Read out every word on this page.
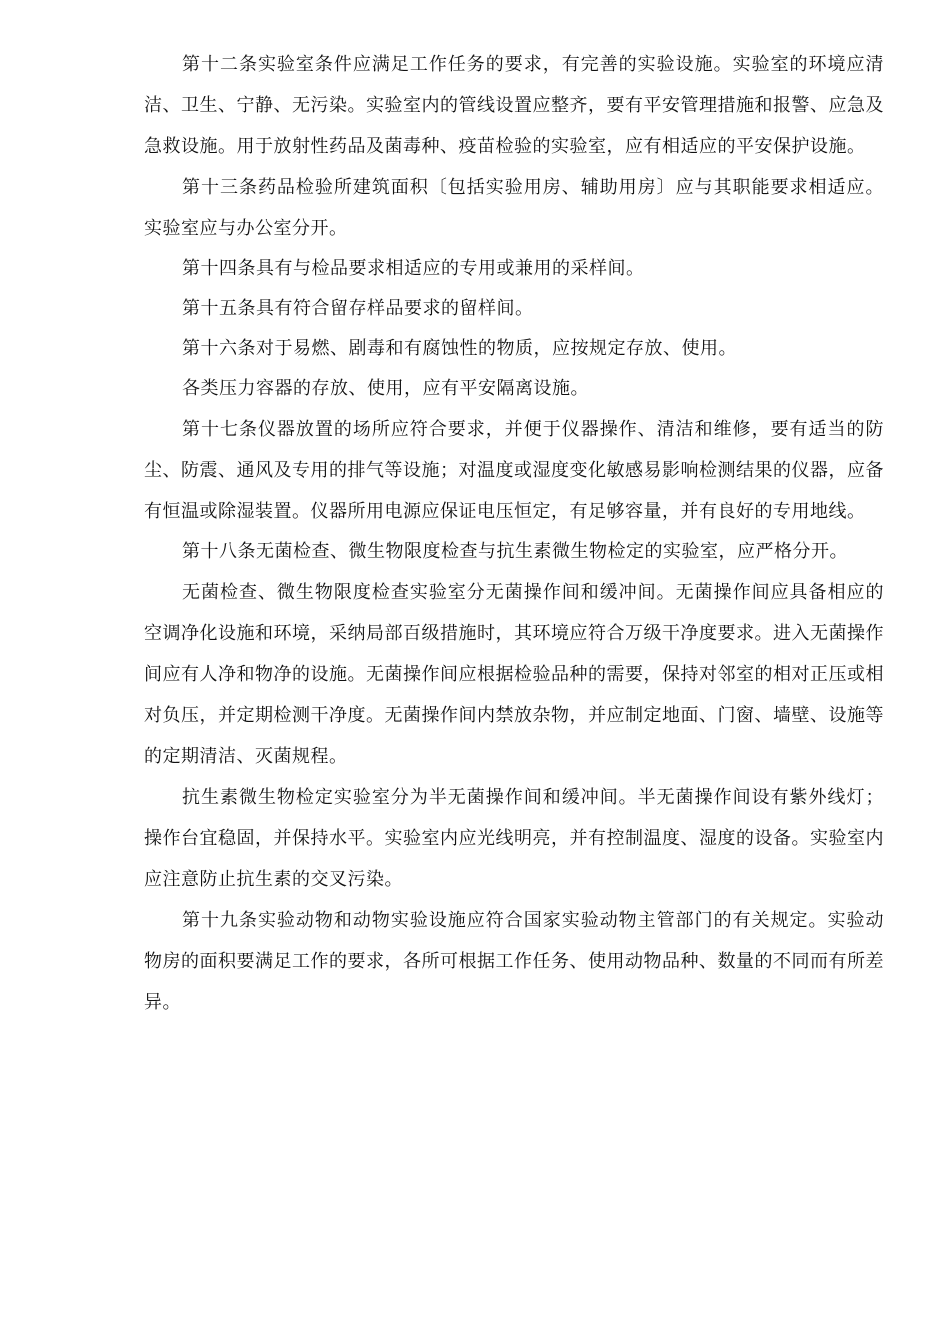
第十二条实验室条件应满足工作任务的要求，有完善的实验设施。实验室的环境应清洁、卫生、宁静、无污染。实验室内的管线设置应整齐，要有平安管理措施和报警、应急及急救设施。用于放射性药品及菌毒种、疫苗检验的实验室，应有相适应的平安保护设施。

第十三条药品检验所建筑面积〔包括实验用房、辅助用房〕应与其职能要求相适应。实验室应与办公室分开。

第十四条具有与检品要求相适应的专用或兼用的采样间。

第十五条具有符合留存样品要求的留样间。

第十六条对于易燃、剧毒和有腐蚀性的物质，应按规定存放、使用。

各类压力容器的存放、使用，应有平安隔离设施。

第十七条仪器放置的场所应符合要求，并便于仪器操作、清洁和维修，要有适当的防尘、防震、通风及专用的排气等设施；对温度或湿度变化敏感易影响检测结果的仪器，应备有恒温或除湿装置。仪器所用电源应保证电压恒定，有足够容量，并有良好的专用地线。

第十八条无菌检查、微生物限度检查与抗生素微生物检定的实验室，应严格分开。

无菌检查、微生物限度检查实验室分无菌操作间和缓冲间。无菌操作间应具备相应的空调净化设施和环境，采纳局部百级措施时，其环境应符合万级干净度要求。进入无菌操作间应有人净和物净的设施。无菌操作间应根据检验品种的需要，保持对邻室的相对正压或相对负压，并定期检测干净度。无菌操作间内禁放杂物，并应制定地面、门窗、墙壁、设施等的定期清洁、灭菌规程。

抗生素微生物检定实验室分为半无菌操作间和缓冲间。半无菌操作间设有紫外线灯；操作台宜稳固，并保持水平。实验室内应光线明亮，并有控制温度、湿度的设备。实验室内应注意防止抗生素的交叉污染。

第十九条实验动物和动物实验设施应符合国家实验动物主管部门的有关规定。实验动物房的面积要满足工作的要求，各所可根据工作任务、使用动物品种、数量的不同而有所差异。
